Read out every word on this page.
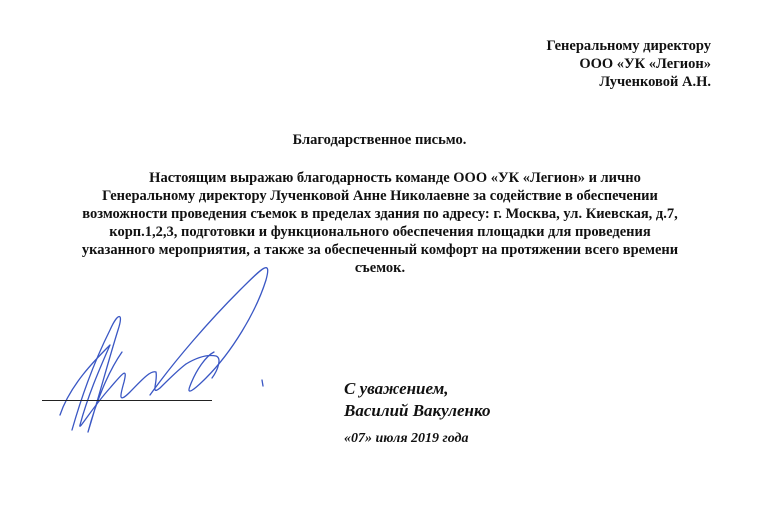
Генеральному директору
ООО «УК «Легион»
Лученковой А.Н.
Благодарственное письмо.
Настоящим выражаю благодарность команде ООО «УК «Легион» и лично
Генеральному директору Лученковой Анне Николаевне за содействие в обеспечении
возможности проведения съемок в пределах здания по адресу: г. Москва, ул. Киевская, д.7,
корп.1,2,3, подготовки и функционального обеспечения площадки для проведения
указанного мероприятия, а также за обеспеченный комфорт на протяжении всего времени
съемок.
С уважением,
Василий Вакуленко
«07» июля 2019 года
